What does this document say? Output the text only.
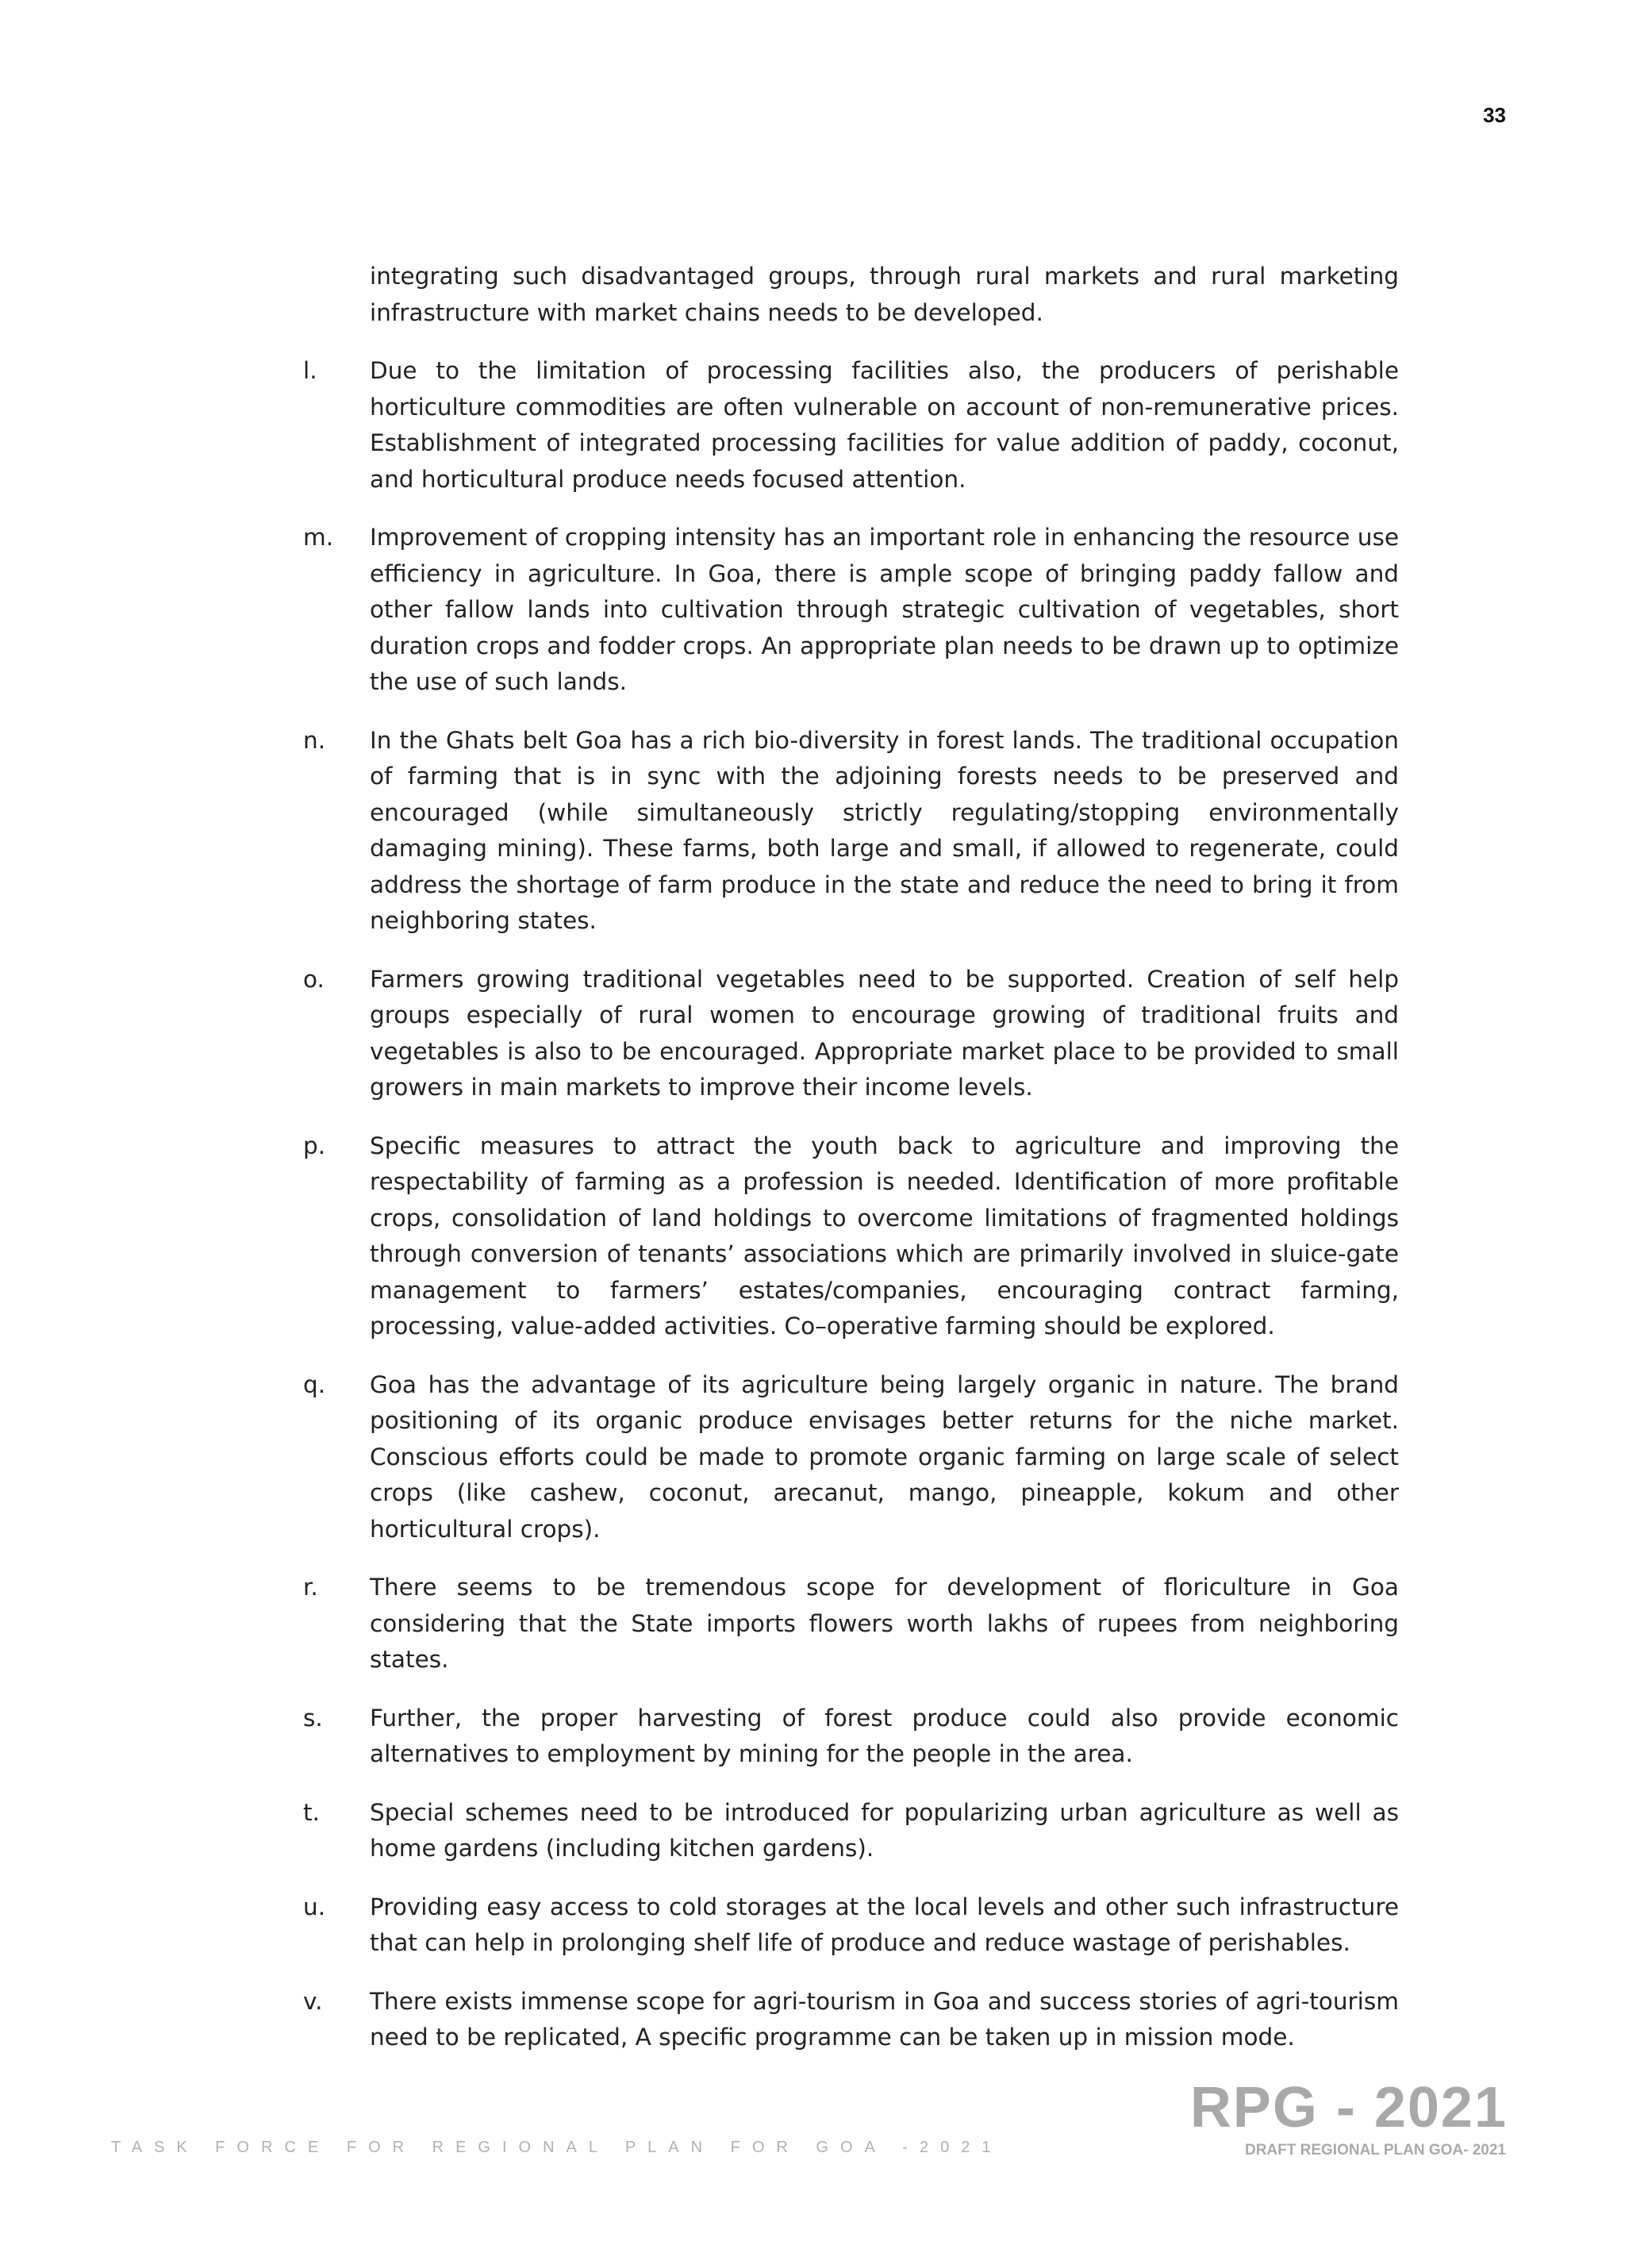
33
integrating such disadvantaged groups, through rural markets and rural marketing infrastructure with market chains needs to be developed.
l.	Due to the limitation of processing facilities also, the producers of perishable horticulture commodities are often vulnerable on account of non-remunerative prices. Establishment of integrated processing facilities for value addition of paddy, coconut, and horticultural produce needs focused attention.
m.	Improvement of cropping intensity has an important role in enhancing the resource use efficiency in agriculture. In Goa, there is ample scope of bringing paddy fallow and other fallow lands into cultivation through strategic cultivation of vegetables, short duration crops and fodder crops. An appropriate plan needs to be drawn up to optimize the use of such lands.
n.	In the Ghats belt Goa has a rich bio-diversity in forest lands. The traditional occupation of farming that is in sync with the adjoining forests needs to be preserved and encouraged (while simultaneously strictly regulating/stopping environmentally damaging mining). These farms, both large and small, if allowed to regenerate, could address the shortage of farm produce in the state and reduce the need to bring it from neighboring states.
o.	Farmers growing traditional vegetables need to be supported. Creation of self help groups especially of rural women to encourage growing of traditional fruits and vegetables is also to be encouraged. Appropriate market place to be provided to small growers in main markets to improve their income levels.
p.	Specific measures to attract the youth back to agriculture and improving the respectability of farming as a profession is needed. Identification of more profitable crops, consolidation of land holdings to overcome limitations of fragmented holdings through conversion of tenants’ associations which are primarily involved in sluice-gate management to farmers’ estates/companies, encouraging contract farming, processing, value-added activities. Co–operative farming should be explored.
q.	Goa has the advantage of its agriculture being largely organic in nature. The brand positioning of its organic produce envisages better returns for the niche market. Conscious efforts could be made to promote organic farming on large scale of select crops (like cashew, coconut, arecanut, mango, pineapple, kokum and other horticultural crops).
r.	There seems to be tremendous scope for development of floriculture in Goa considering that the State imports flowers worth lakhs of rupees from neighboring states.
s.	Further, the proper harvesting of forest produce could also provide economic alternatives to employment by mining for the people in the area.
t.	Special schemes need to be introduced for popularizing urban agriculture as well as home gardens (including kitchen gardens).
u.	Providing easy access to cold storages at the local levels and other such infrastructure that can help in prolonging shelf life of produce and reduce wastage of perishables.
v.	There exists immense scope for agri-tourism in Goa and success stories of agri-tourism need to be replicated, A specific programme can be taken up in mission mode.
TASK FORCE FOR REGIONAL PLAN FOR GOA -2021
RPG - 2021
DRAFT REGIONAL PLAN GOA- 2021
